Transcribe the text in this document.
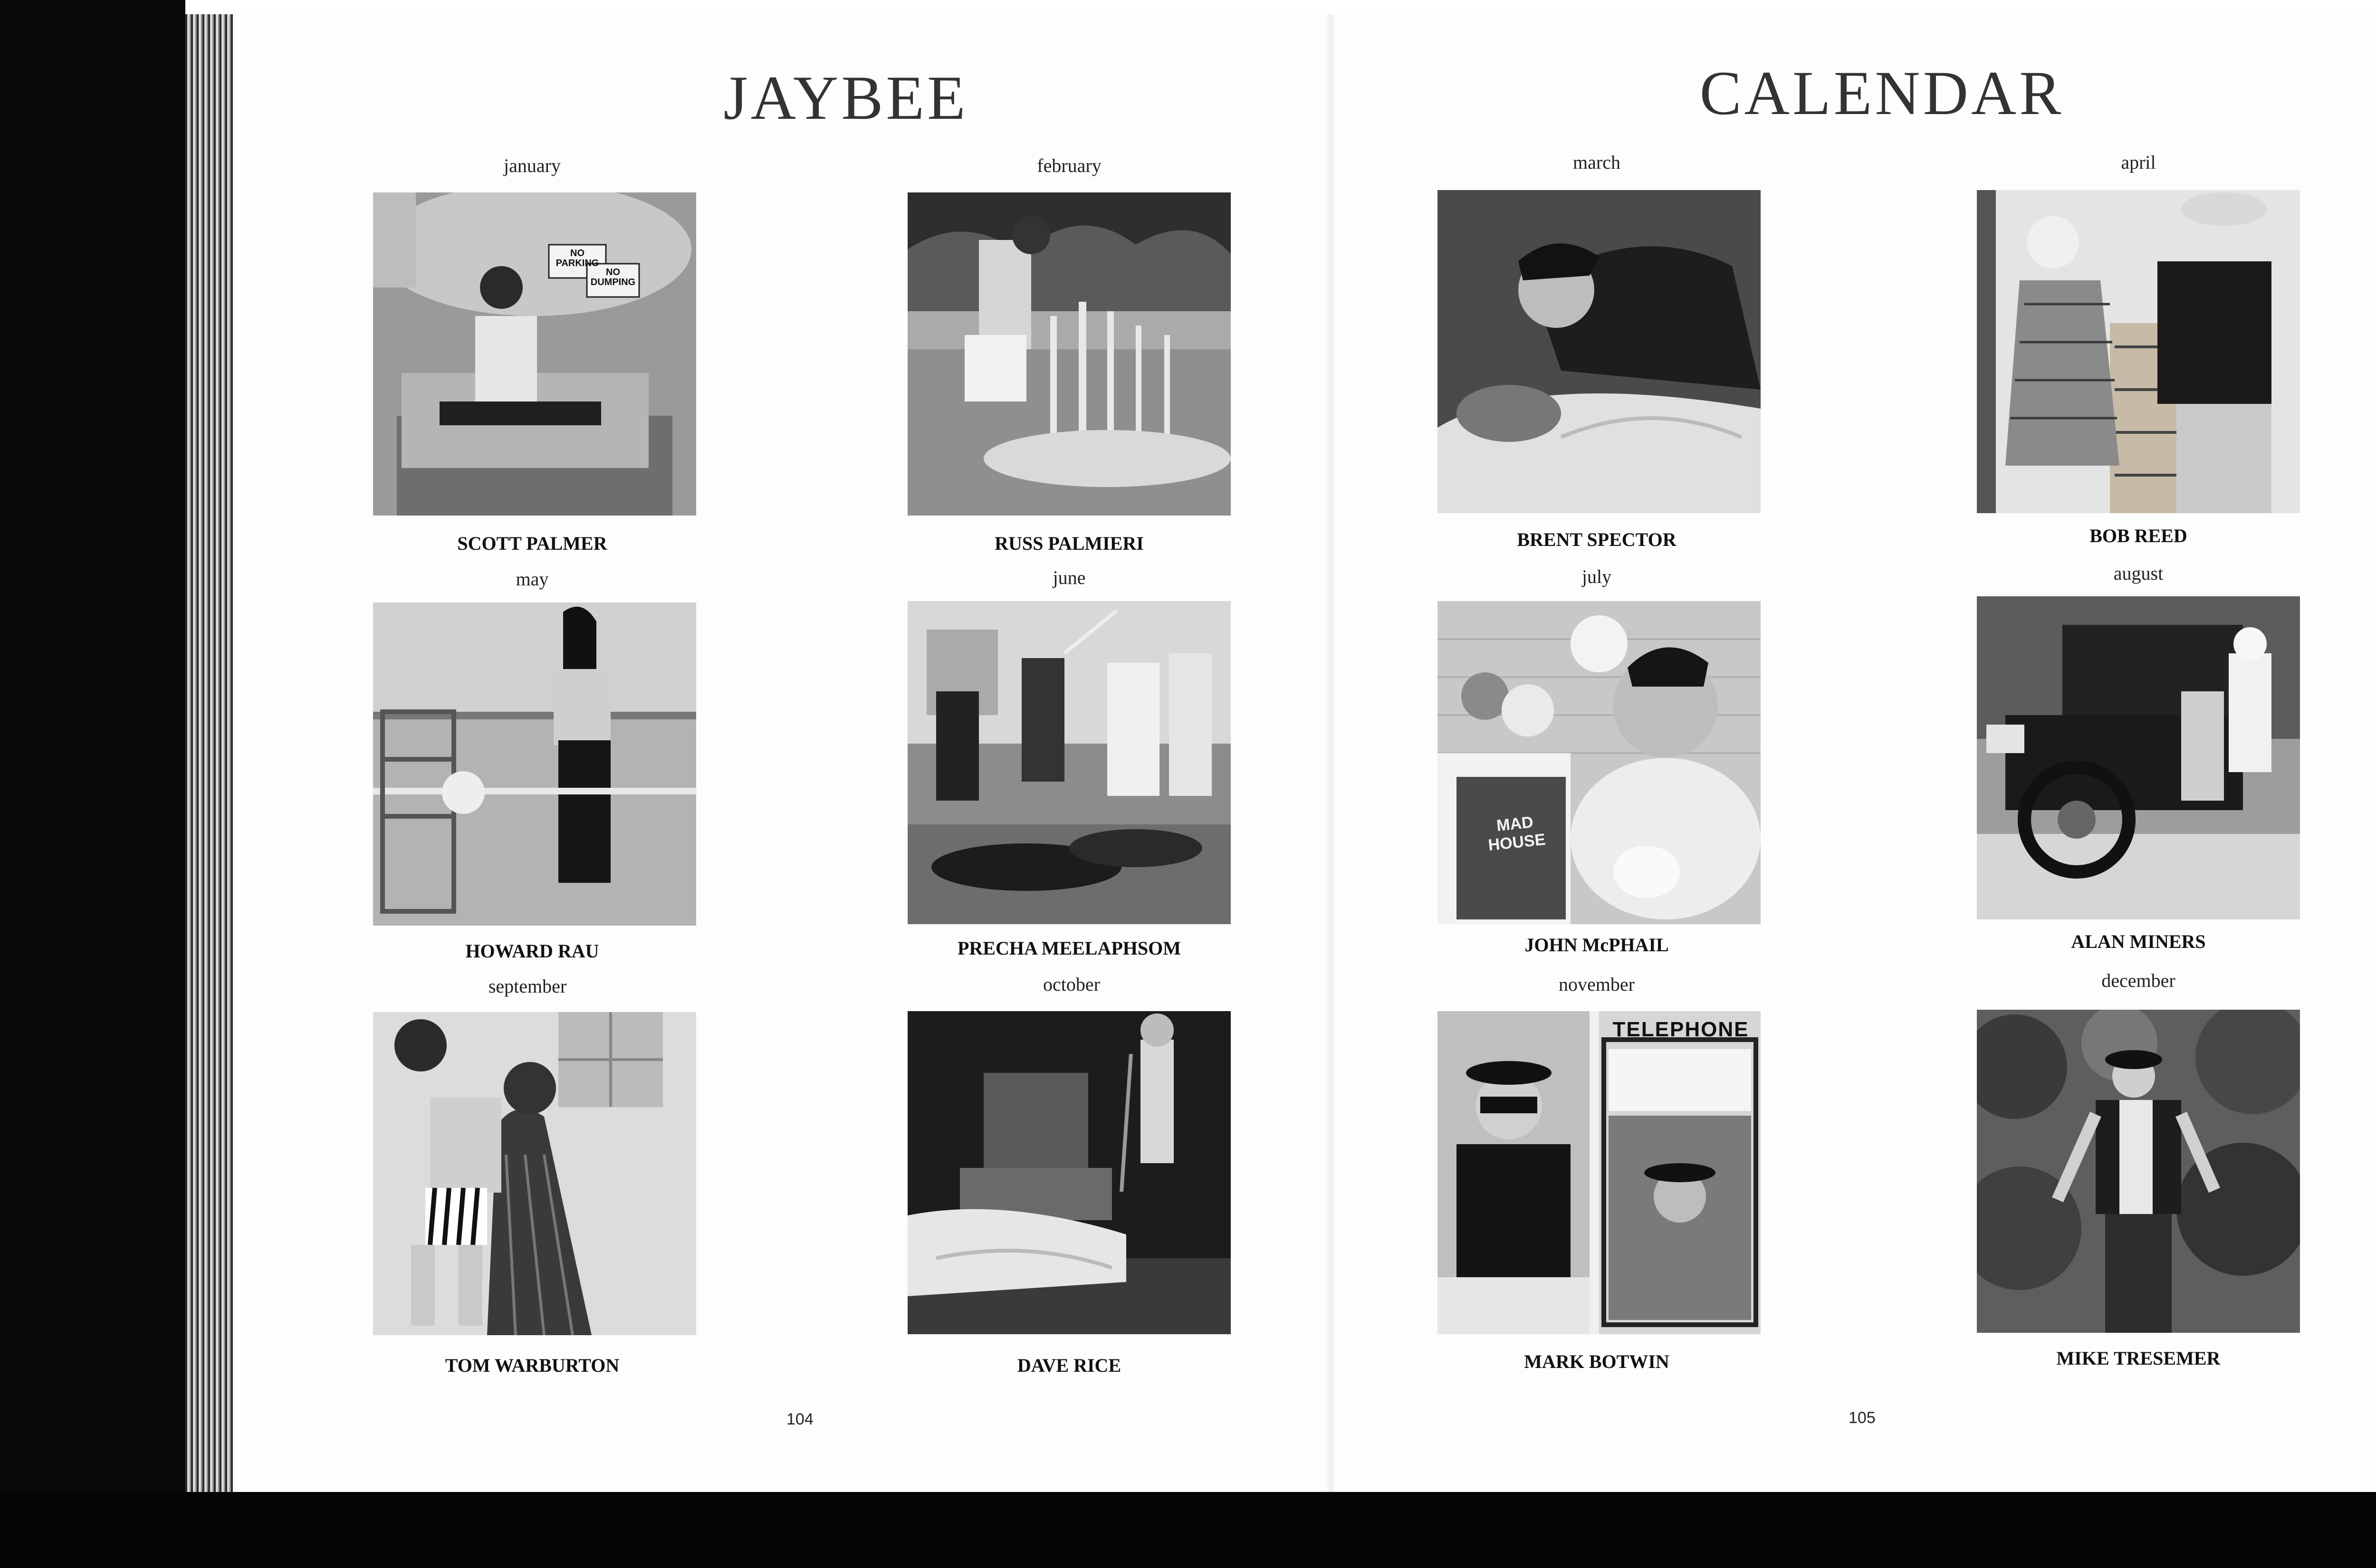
JAYBEE	CALENDAR
january
NO PARKING
NO DUMPING
SCOTT PALMER
february
RUSS PALMIERI
march
BRENT SPECTOR
april
BOB REED
may
HOWARD RAU
june
PRECHA MEELAPHSOM
july
MAD HOUSE
JOHN McPHAIL
august
ALAN MINERS
september
TOM WARBURTON
october
DAVE RICE
november
TELEPHONE
MARK BOTWIN
december
MIKE TRESEMER
104	105
